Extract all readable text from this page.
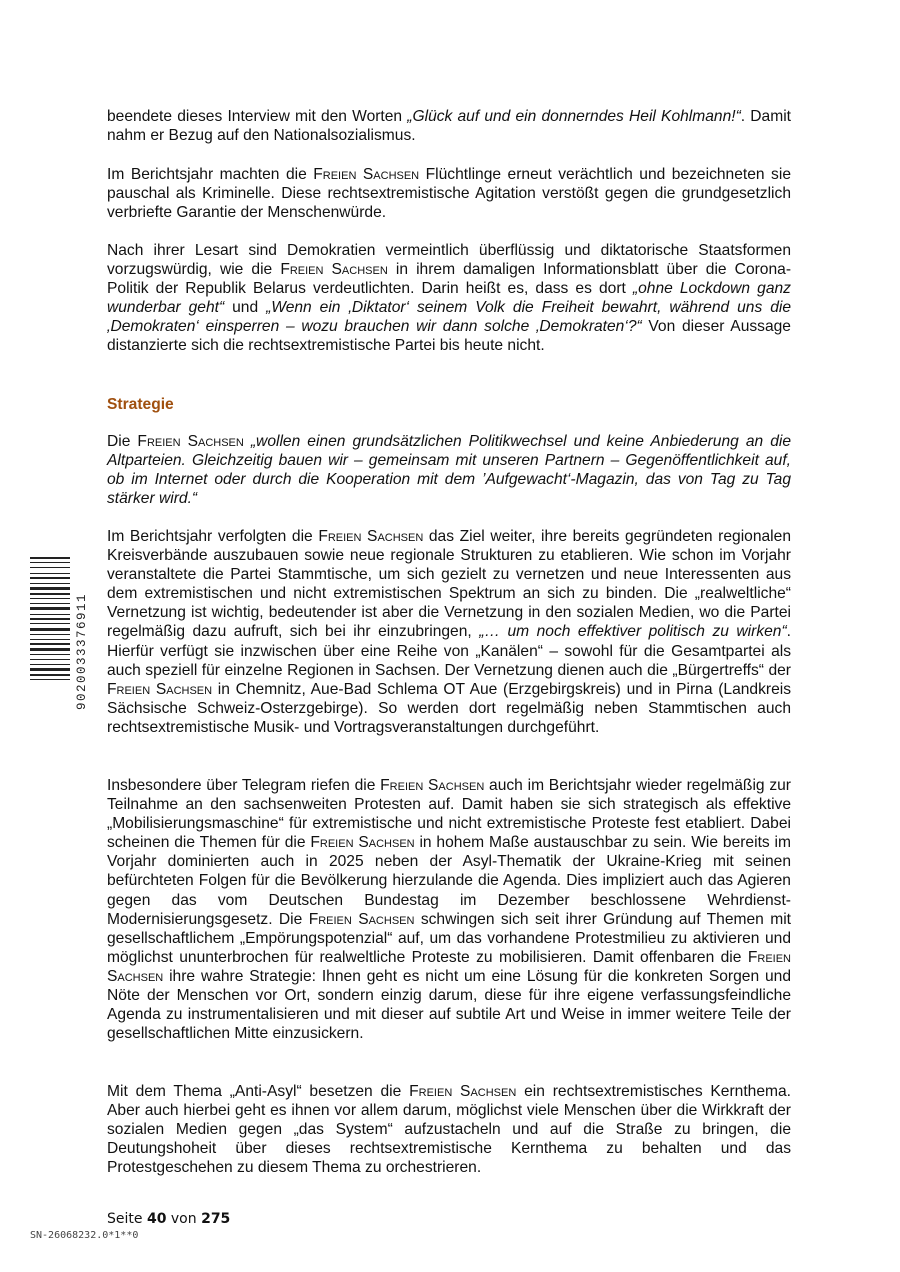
9020033376911

beendete dieses Interview mit den Worten „Glück auf und ein donnerndes Heil Kohlmann!“. Damit nahm er Bezug auf den Nationalsozialismus.

Im Berichtsjahr machten die Freien Sachsen Flüchtlinge erneut verächtlich und bezeichneten sie pauschal als Kriminelle. Diese rechtsextremistische Agitation verstößt gegen die grundgesetzlich verbriefte Garantie der Menschenwürde.

Nach ihrer Lesart sind Demokratien vermeintlich überflüssig und diktatorische Staatsformen vorzugswürdig, wie die Freien Sachsen in ihrem damaligen Informationsblatt über die Corona-Politik der Republik Belarus verdeutlichten. Darin heißt es, dass es dort „ohne Lockdown ganz wunderbar geht“ und „Wenn ein ‚Diktator‘ seinem Volk die Freiheit bewahrt, während uns die ‚Demokraten‘ einsperren – wozu brauchen wir dann solche ‚Demokraten‘?“ Von dieser Aussage distanzierte sich die rechtsextremistische Partei bis heute nicht.

Strategie

Die Freien Sachsen „wollen einen grundsätzlichen Politikwechsel und keine Anbiederung an die Altparteien. Gleichzeitig bauen wir – gemeinsam mit unseren Partnern – Gegenöffentlichkeit auf, ob im Internet oder durch die Kooperation mit dem ’Aufgewacht‘-Magazin, das von Tag zu Tag stärker wird.“

Im Berichtsjahr verfolgten die Freien Sachsen das Ziel weiter, ihre bereits gegründeten regionalen Kreisverbände auszubauen sowie neue regionale Strukturen zu etablieren. Wie schon im Vorjahr veranstaltete die Partei Stammtische, um sich gezielt zu vernetzen und neue Interessenten aus dem extremistischen und nicht extremistischen Spektrum an sich zu binden. Die „realweltliche“ Vernetzung ist wichtig, bedeutender ist aber die Vernetzung in den sozialen Medien, wo die Partei regelmäßig dazu aufruft, sich bei ihr einzubringen, „… um noch effektiver politisch zu wirken“. Hierfür verfügt sie inzwischen über eine Reihe von „Kanälen“ – sowohl für die Gesamtpartei als auch speziell für einzelne Regionen in Sachsen. Der Vernetzung dienen auch die „Bürgertreffs“ der Freien Sachsen in Chemnitz, Aue-Bad Schlema OT Aue (Erzgebirgskreis) und in Pirna (Landkreis Sächsische Schweiz-Osterzgebirge). So werden dort regelmäßig neben Stammtischen auch rechtsextremistische Musik- und Vortragsveranstaltungen durchgeführt.

Insbesondere über Telegram riefen die Freien Sachsen auch im Berichtsjahr wieder regelmäßig zur Teilnahme an den sachsenweiten Protesten auf. Damit haben sie sich strategisch als effektive „Mobilisierungsmaschine“ für extremistische und nicht extremistische Proteste fest etabliert. Dabei scheinen die Themen für die Freien Sachsen in hohem Maße austauschbar zu sein. Wie bereits im Vorjahr dominierten auch in 2025 neben der Asyl-Thematik der Ukraine-Krieg mit seinen befürchteten Folgen für die Bevölkerung hierzulande die Agenda. Dies impliziert auch das Agieren gegen das vom Deutschen Bundestag im Dezember beschlossene Wehrdienst-Modernisierungsgesetz. Die Freien Sachsen schwingen sich seit ihrer Gründung auf Themen mit gesellschaftlichem „Empörungspotenzial“ auf, um das vorhandene Protestmilieu zu aktivieren und möglichst ununterbrochen für realweltliche Proteste zu mobilisieren. Damit offenbaren die Freien Sachsen ihre wahre Strategie: Ihnen geht es nicht um eine Lösung für die konkreten Sorgen und Nöte der Menschen vor Ort, sondern einzig darum, diese für ihre eigene verfassungsfeindliche Agenda zu instrumentalisieren und mit dieser auf subtile Art und Weise in immer weitere Teile der gesellschaftlichen Mitte einzusickern.

Mit dem Thema „Anti-Asyl“ besetzen die Freien Sachsen ein rechtsextremistisches Kernthema. Aber auch hierbei geht es ihnen vor allem darum, möglichst viele Menschen über die Wirkkraft der sozialen Medien gegen „das System“ aufzustacheln und auf die Straße zu bringen, die Deutungshoheit über dieses rechtsextremistische Kernthema zu behalten und das Protestgeschehen zu diesem Thema zu orchestrieren.

Seite 40 von 275
SN-26068232.0*1**0
